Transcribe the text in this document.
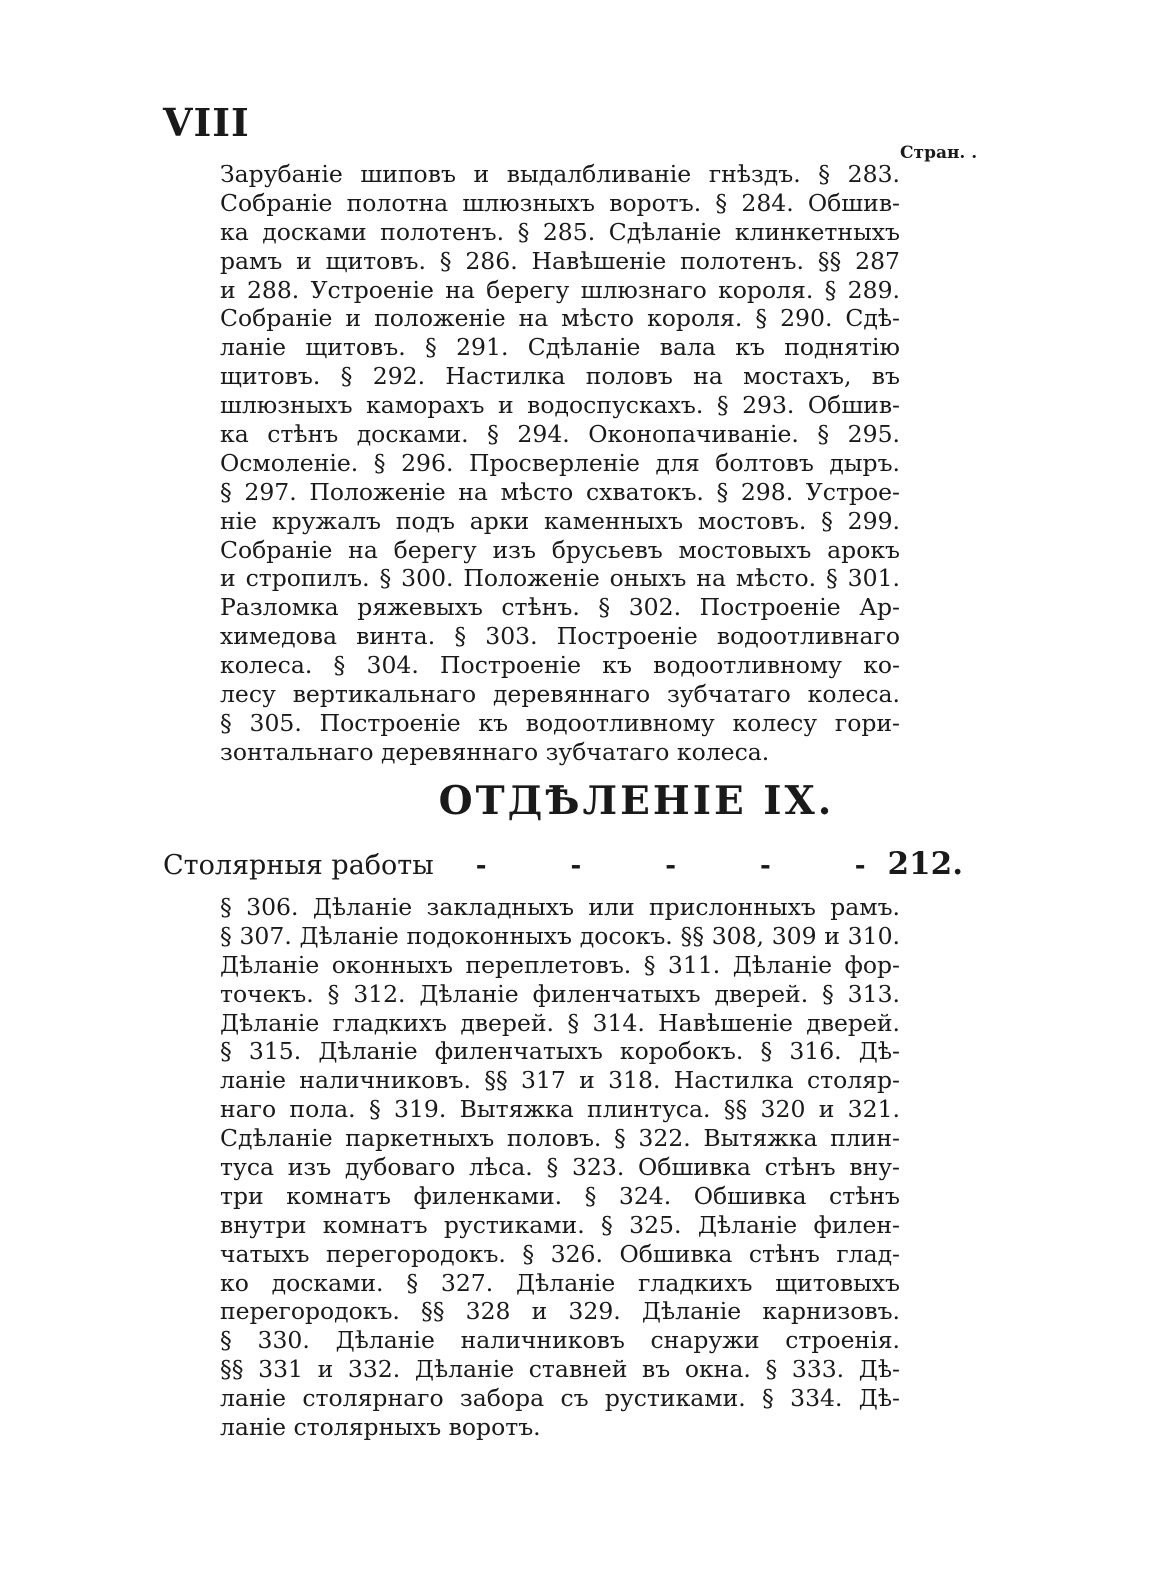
VIII
Стран. .
Зарубаніе шиповъ и выдалбливаніе гнѣздъ. § 283.
Собраніе полотна шлюзныхъ воротъ. § 284. Обшив-
ка досками полотенъ. § 285. Сдѣланіе клинкетныхъ
рамъ и щитовъ. § 286. Навѣшеніе полотенъ. §§ 287
и 288. Устроеніе на берегу шлюзнаго короля. § 289.
Собраніе и положеніе на мѣсто короля. § 290. Сдѣ-
ланіе щитовъ. § 291. Сдѣланіе вала къ поднятію
щитовъ. § 292. Настилка половъ на мостахъ, въ
шлюзныхъ каморахъ и водоспускахъ. § 293. Обшив-
ка стѣнъ досками. § 294. Оконопачиваніе. § 295.
Осмоленіе. § 296. Просверленіе для болтовъ дыръ.
§ 297. Положеніе на мѣсто схватокъ. § 298. Устрое-
ніе кружалъ подъ арки каменныхъ мостовъ. § 299.
Собраніе на берегу изъ брусьевъ мостовыхъ арокъ
и стропилъ. § 300. Положеніе оныхъ на мѣсто. § 301.
Разломка ряжевыхъ стѣнъ. § 302. Построеніе Ар-
химедова винта. § 303. Построеніе водоотливнаго
колеса. § 304. Построеніе къ водоотливному ко-
лесу вертикальнаго деревяннаго зубчатаго колеса.
§ 305. Построеніе къ водоотливному колесу гори-
зонтальнаго деревяннаго зубчатаго колеса.
ОТДѢЛЕНІЕ IX.
Столярныя работы -	-	-	-	- 212.
§ 306. Дѣланіе закладныхъ или прислонныхъ рамъ.
§ 307. Дѣланіе подоконныхъ досокъ. §§ 308, 309 и 310.
Дѣланіе оконныхъ переплетовъ. § 311. Дѣланіе фор-
точекъ. § 312. Дѣланіе филенчатыхъ дверей. § 313.
Дѣланіе гладкихъ дверей. § 314. Навѣшеніе дверей.
§ 315. Дѣланіе филенчатыхъ коробокъ. § 316. Дѣ-
ланіе наличниковъ. §§ 317 и 318. Настилка столяр-
наго пола. § 319. Вытяжка плинтуса. §§ 320 и 321.
Сдѣланіе паркетныхъ половъ. § 322. Вытяжка плин-
туса изъ дубоваго лѣса. § 323. Обшивка стѣнъ вну-
три комнатъ филенками. § 324. Обшивка стѣнъ
внутри комнатъ рустиками. § 325. Дѣланіе филен-
чатыхъ перегородокъ. § 326. Обшивка стѣнъ глад-
ко досками. § 327. Дѣланіе гладкихъ щитовыхъ
перегородокъ. §§ 328 и 329. Дѣланіе карнизовъ.
§ 330. Дѣланіе наличниковъ снаружи строенія.
§§ 331 и 332. Дѣланіе ставней въ окна. § 333. Дѣ-
ланіе столярнаго забора съ рустиками. § 334. Дѣ-
ланіе столярныхъ воротъ.
